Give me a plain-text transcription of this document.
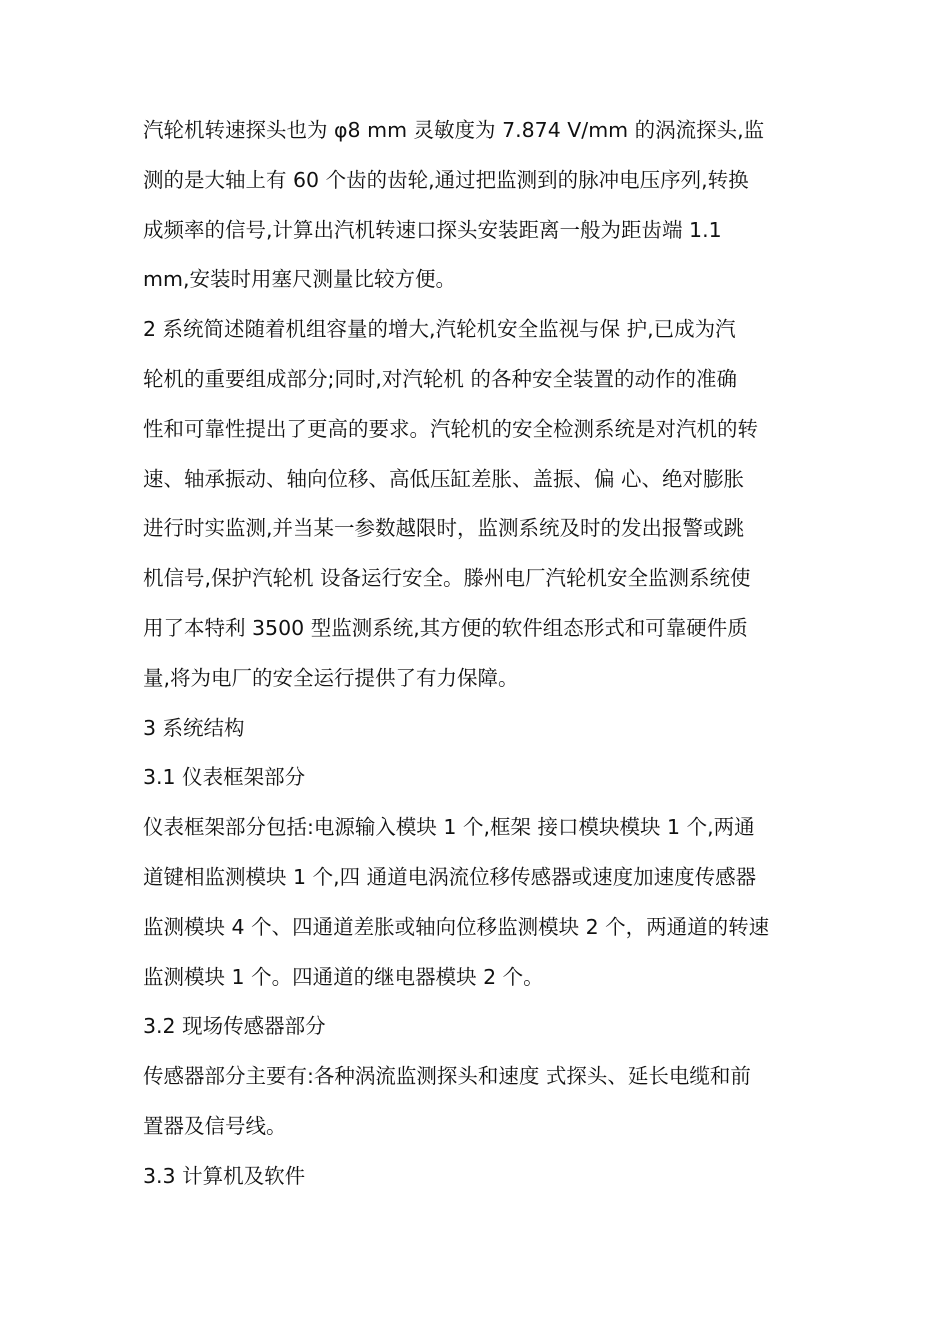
汽轮机转速探头也为 φ8 mm 灵敏度为 7.874 V/mm 的涡流探头,监
测的是大轴上有 60 个齿的齿轮,通过把监测到的脉冲电压序列,转换
成频率的信号,计算出汽机转速口探头安装距离一般为距齿端 1.1
mm,安装时用塞尺测量比较方便。
2 系统简述随着机组容量的增大,汽轮机安全监视与保 护,已成为汽
轮机的重要组成部分;同时,对汽轮机 的各种安全装置的动作的准确
性和可靠性提出了更高的要求。汽轮机的安全检测系统是对汽机的转
速、轴承振动、轴向位移、高低压缸差胀、盖振、偏 心、绝对膨胀
进行时实监测,并当某一参数越限时，监测系统及时的发出报警或跳
机信号,保护汽轮机 设备运行安全。滕州电厂汽轮机安全监测系统使
用了本特利 3500 型监测系统,其方便的软件组态形式和可靠硬件质
量,将为电厂的安全运行提供了有力保障。
3 系统结构
3.1 仪表框架部分
仪表框架部分包括:电源输入模块 1 个,框架 接口模块模块 1 个,两通
道键相监测模块 1 个,四 通道电涡流位移传感器或速度加速度传感器
监测模块 4 个、四通道差胀或轴向位移监测模块 2 个，两通道的转速
监测模块 1 个。四通道的继电器模块 2 个。
3.2 现场传感器部分
传感器部分主要有:各种涡流监测探头和速度 式探头、延长电缆和前
置器及信号线。
3.3 计算机及软件
